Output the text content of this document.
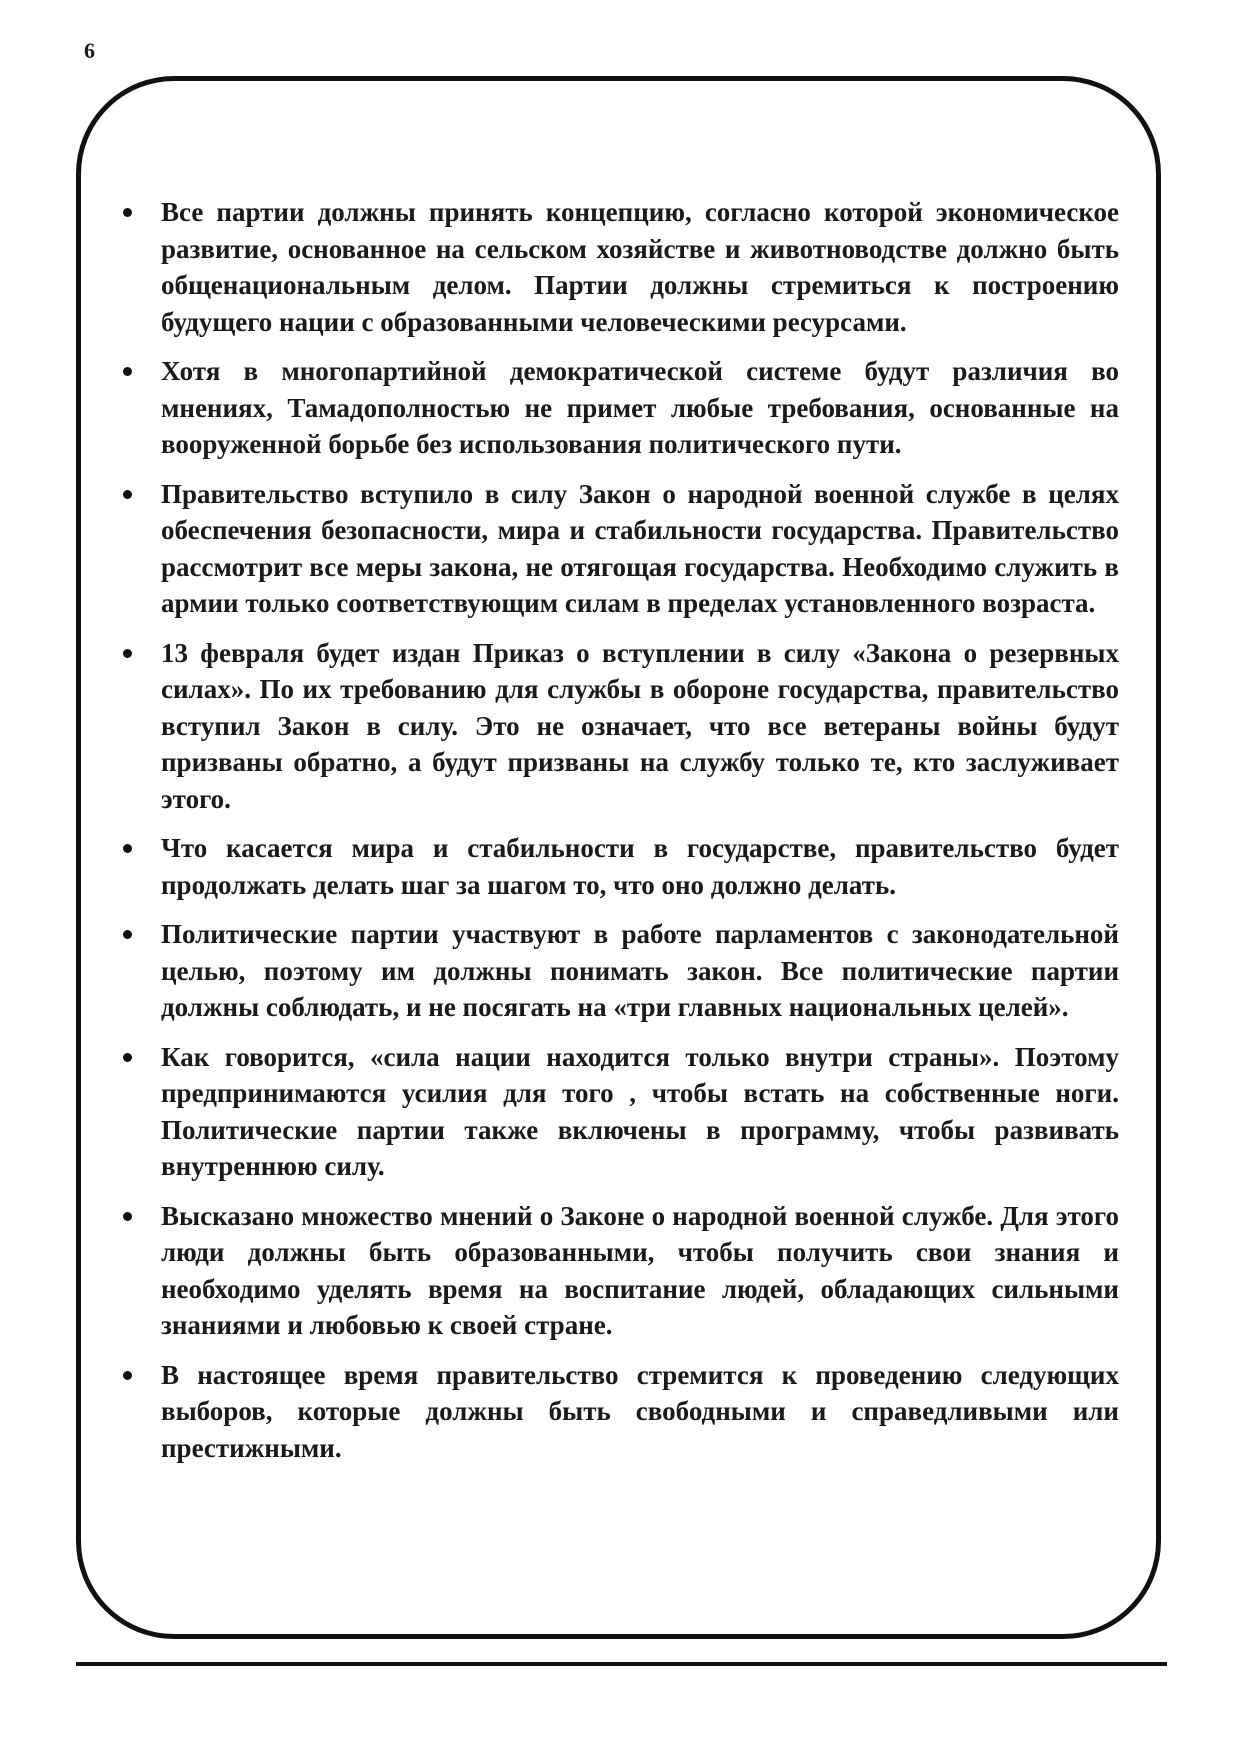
6
Все партии должны принять концепцию, согласно которой экономическое развитие, основанное на сельском хозяйстве и животноводстве должно быть общенациональным делом. Партии должны стремиться к построению будущего нации с образованными человеческими ресурсами.
Хотя в многопартийной демократической системе будут различия во мнениях, Тамадополностью не примет любые требования, основанные на вооруженной борьбе без использования политического пути.
Правительство вступило в силу Закон о народной военной службе в целях обеспечения безопасности, мира и стабильности государства. Правительство рассмотрит все меры закона, не отягощая государства. Необходимо служить в армии только соответствующим силам в пределах установленного возраста.
13 февраля будет издан Приказ о вступлении в силу «Закона о резервных силах». По их требованию для службы в обороне государства, правительство вступил Закон в силу. Это не означает, что все ветераны войны будут призваны обратно, а будут призваны на службу только те, кто заслуживает этого.
Что касается мира и стабильности в государстве, правительство будет продолжать делать шаг за шагом то, что оно должно делать.
Политические партии участвуют в работе парламентов с законодательной целью, поэтому им должны понимать закон. Все политические партии должны соблюдать, и не посягать на «три главных национальных целей».
Как говорится, «сила нации находится только внутри страны». Поэтому предпринимаются усилия для того , чтобы встать на собственные ноги. Политические партии также включены в программу, чтобы развивать внутреннюю силу.
Высказано множество мнений о Законе о народной военной службе. Для этого люди должны быть образованными, чтобы получить свои знания и необходимо уделять время на воспитание людей, обладающих сильными знаниями и любовью к своей стране.
В настоящее время правительство стремится к проведению следующих выборов, которые должны быть свободными и справедливыми или престижными.
